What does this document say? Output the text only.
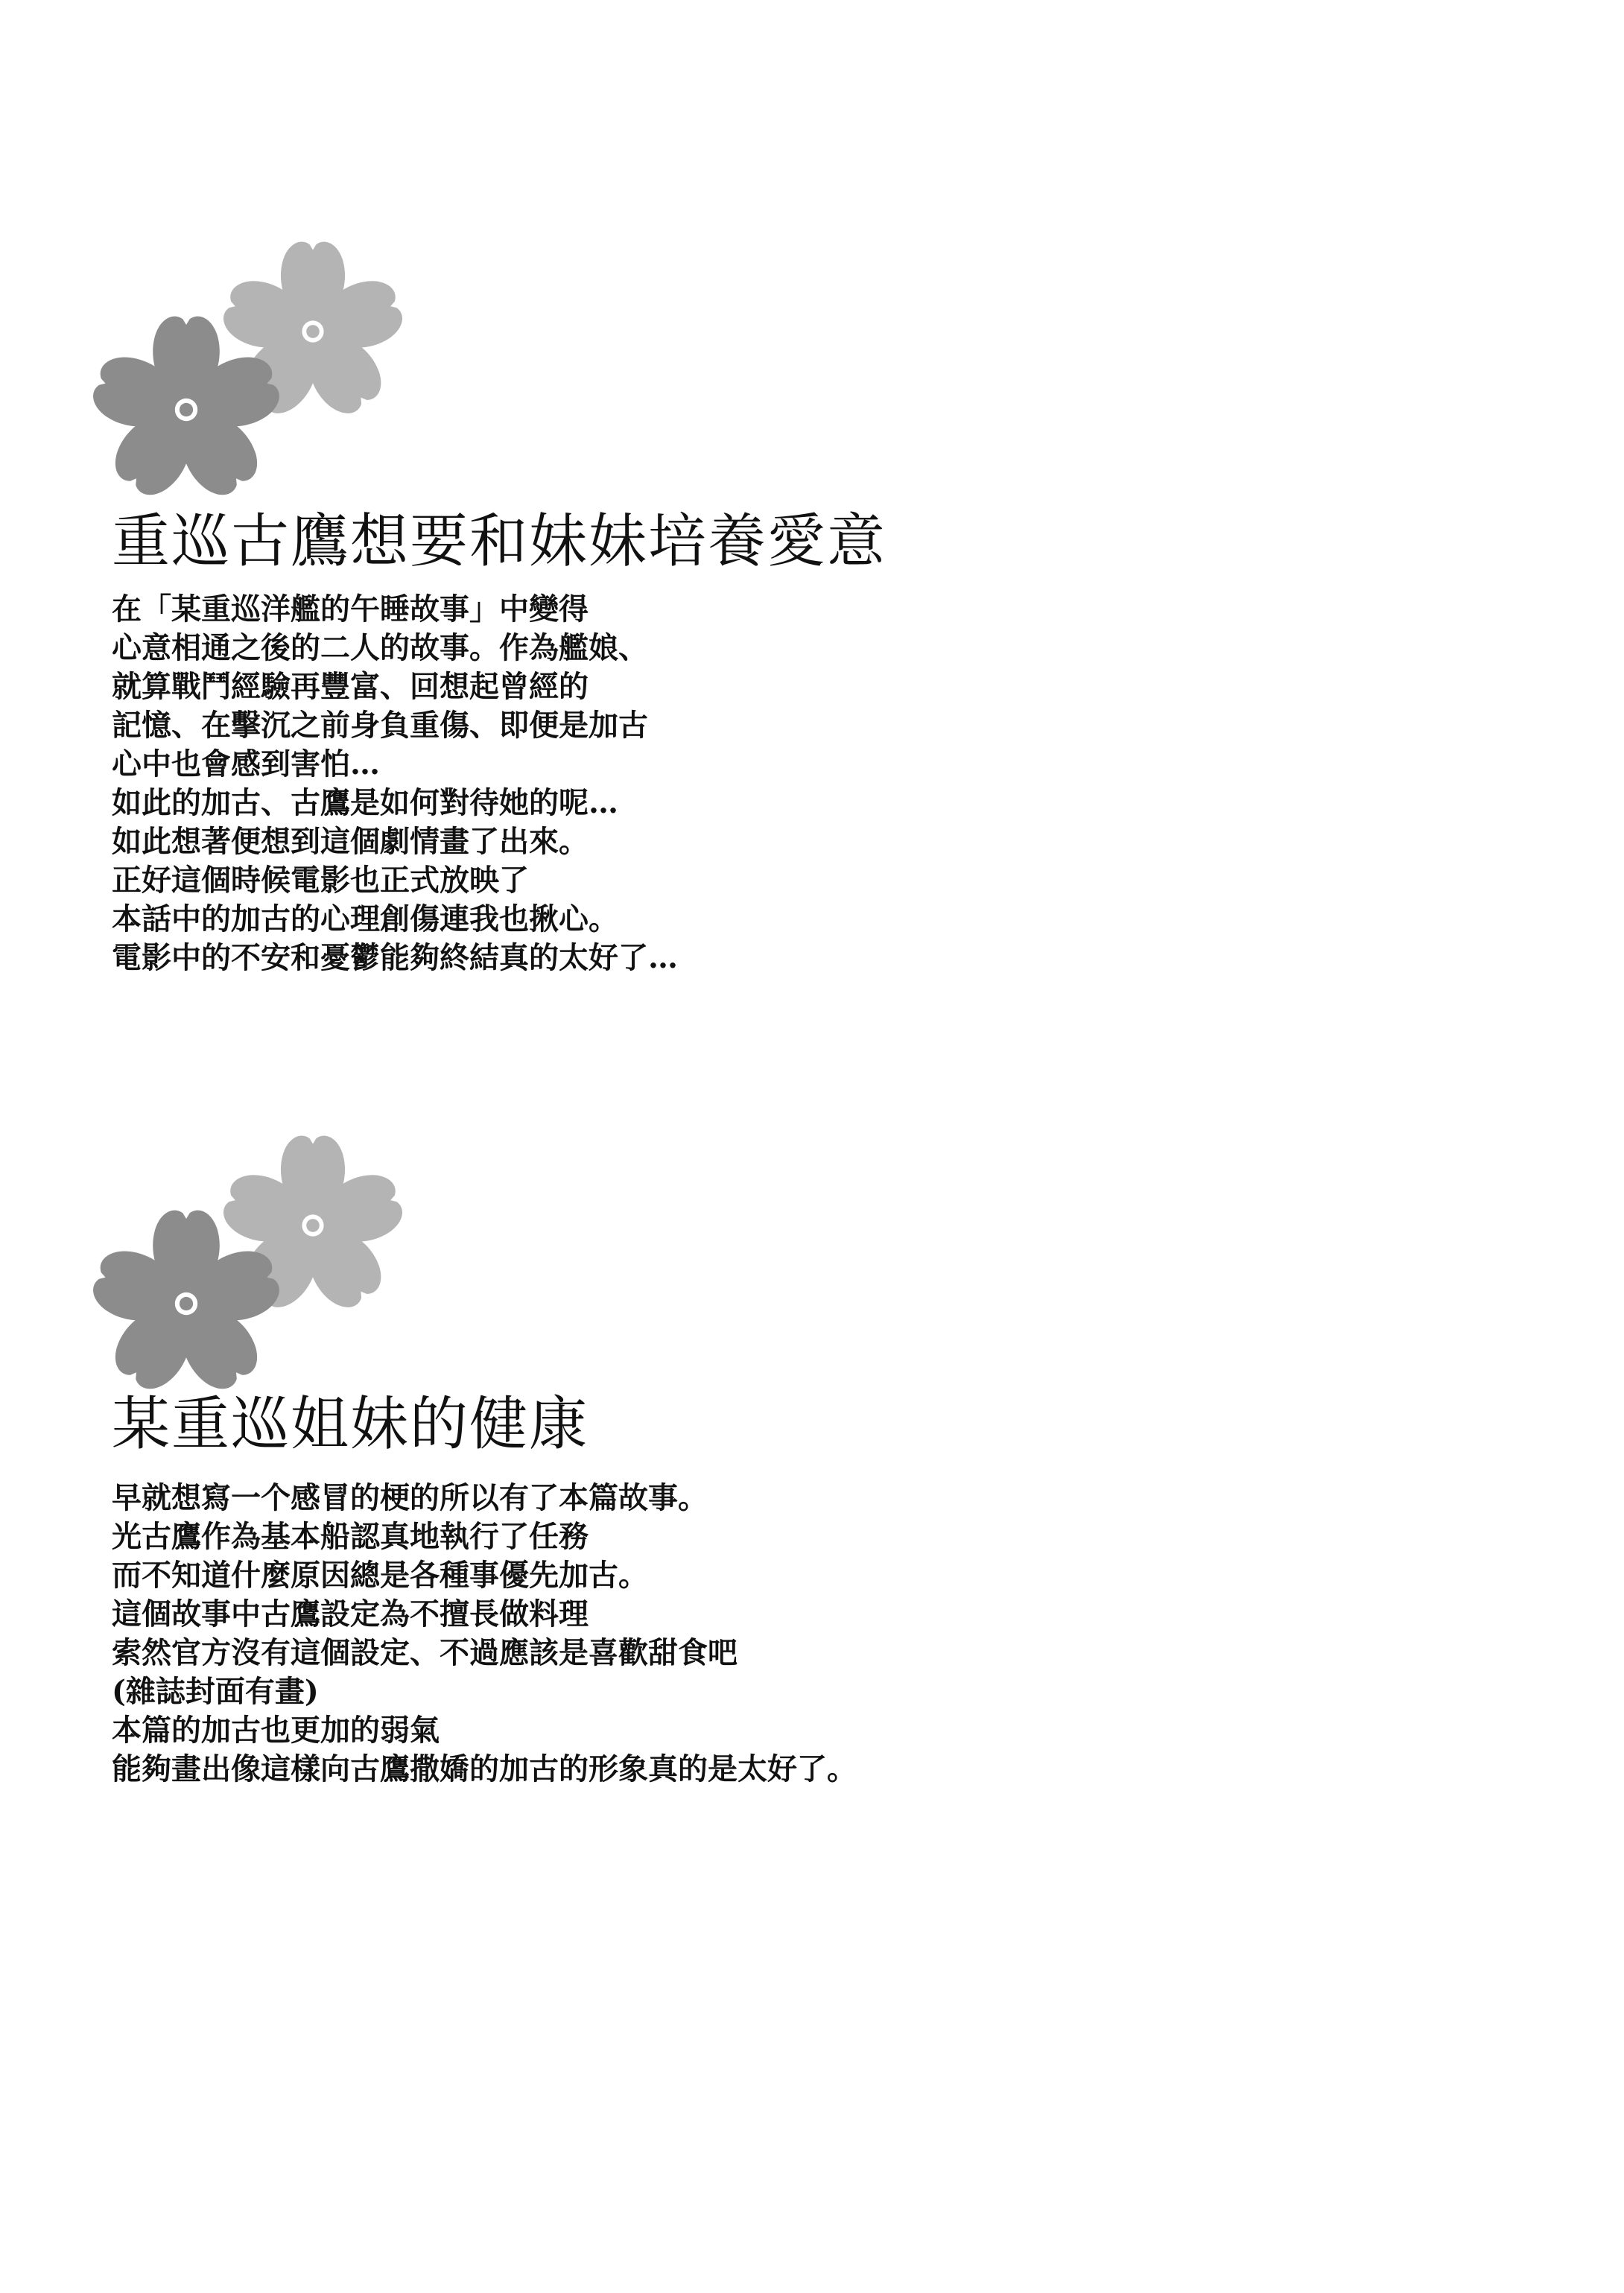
重巡古鷹想要和妹妹培養愛意
在「某重巡洋艦的午睡故事」中變得
心意相通之後的二人的故事。作為艦娘、
就算戰鬥經驗再豐富、回想起曾經的
記憶、在擊沉之前身負重傷、即便是加古
心中也會感到害怕…
如此的加古、古鷹是如何對待她的呢…
如此想著便想到這個劇情畫了出來。
正好這個時候電影也正式放映了
本話中的加古的心理創傷連我也揪心。
電影中的不安和憂鬱能夠終結真的太好了…
某重巡姐妹的健康
早就想寫一个感冒的梗的所以有了本篇故事。
光古鷹作為基本船認真地執行了任務
而不知道什麼原因總是各種事優先加古。
這個故事中古鷹設定為不擅長做料理
索然官方沒有這個設定、不過應該是喜歡甜食吧
(雜誌封面有畫)
本篇的加古也更加的弱氣
能夠畫出像這樣向古鷹撒嬌的加古的形象真的是太好了。
